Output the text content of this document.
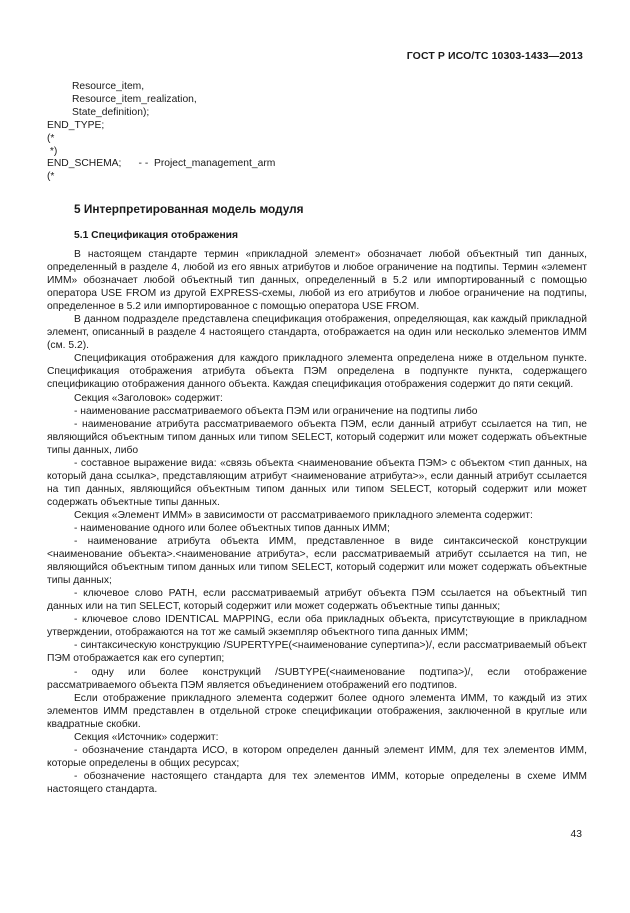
ГОСТ Р ИСО/ТС 10303-1433—2013
Resource_item,
Resource_item_realization,
State_definition);
END_TYPE;
(*
*)
END_SCHEMA;      - -  Project_management_arm
(*
5 Интерпретированная модель модуля
5.1 Спецификация отображения

В настоящем стандарте термин «прикладной элемент» обозначает любой объектный тип данных, определенный в разделе 4, любой из его явных атрибутов и любое ограничение на подтипы. Термин «элемент ИММ» обозначает любой объектный тип данных, определенный в 5.2 или импортированный с помощью оператора USE FROM из другой EXPRESS-схемы, любой из его атрибутов и любое ограничение на подтипы, определенное в 5.2 или импортированное с помощью оператора USE FROM.

В данном подразделе представлена спецификация отображения, определяющая, как каждый прикладной элемент, описанный в разделе 4 настоящего стандарта, отображается на один или несколько элементов ИММ (см. 5.2).

Спецификация отображения для каждого прикладного элемента определена ниже в отдельном пункте. Спецификация отображения атрибута объекта ПЭМ определена в подпункте пункта, содержащего спецификацию отображения данного объекта. Каждая спецификация отображения содержит до пяти секций.

Секция «Заголовок» содержит:

- наименование рассматриваемого объекта ПЭМ или ограничение на подтипы либо

- наименование атрибута рассматриваемого объекта ПЭМ, если данный атрибут ссылается на тип, не являющийся объектным типом данных или типом SELECT, который содержит или может содержать объектные типы данных, либо

- составное выражение вида: «связь объекта <наименование объекта ПЭМ> с объектом <тип данных, на который дана ссылка>, представляющим атрибут <наименование атрибута>», если данный атрибут ссылается на тип данных, являющийся объектным типом данных или типом SELECT, который содержит или может содержать объектные типы данных.

Секция «Элемент ИММ» в зависимости от рассматриваемого прикладного элемента содержит:

- наименование одного или более объектных типов данных ИММ;

- наименование атрибута объекта ИММ, представленное в виде синтаксической конструкции <наименование объекта>.<наименование атрибута>, если рассматриваемый атрибут ссылается на тип, не являющийся объектным типом данных или типом SELECT, который содержит или может содержать объектные типы данных;

- ключевое слово PATH, если рассматриваемый атрибут объекта ПЭМ ссылается на объектный тип данных или на тип SELECT, который содержит или может содержать объектные типы данных;

- ключевое слово IDENTICAL MAPPING, если оба прикладных объекта, присутствующие в прикладном утверждении, отображаются на тот же самый экземпляр объектного типа данных ИММ;

- синтаксическую конструкцию /SUPERTYPE(<наименование супертипа>)/, если рассматриваемый объект ПЭМ отображается как его супертип;

- одну или более конструкций /SUBTYPE(<наименование подтипа>)/, если отображение рассматриваемого объекта ПЭМ является объединением отображений его подтипов.

Если отображение прикладного элемента содержит более одного элемента ИММ, то каждый из этих элементов ИММ представлен в отдельной строке спецификации отображения, заключенной в круглые или квадратные скобки.

Секция «Источник» содержит:

- обозначение стандарта ИСО, в котором определен данный элемент ИММ, для тех элементов ИММ, которые определены в общих ресурсах;

- обозначение настоящего стандарта для тех элементов ИММ, которые определены в схеме ИММ настоящего стандарта.

43
